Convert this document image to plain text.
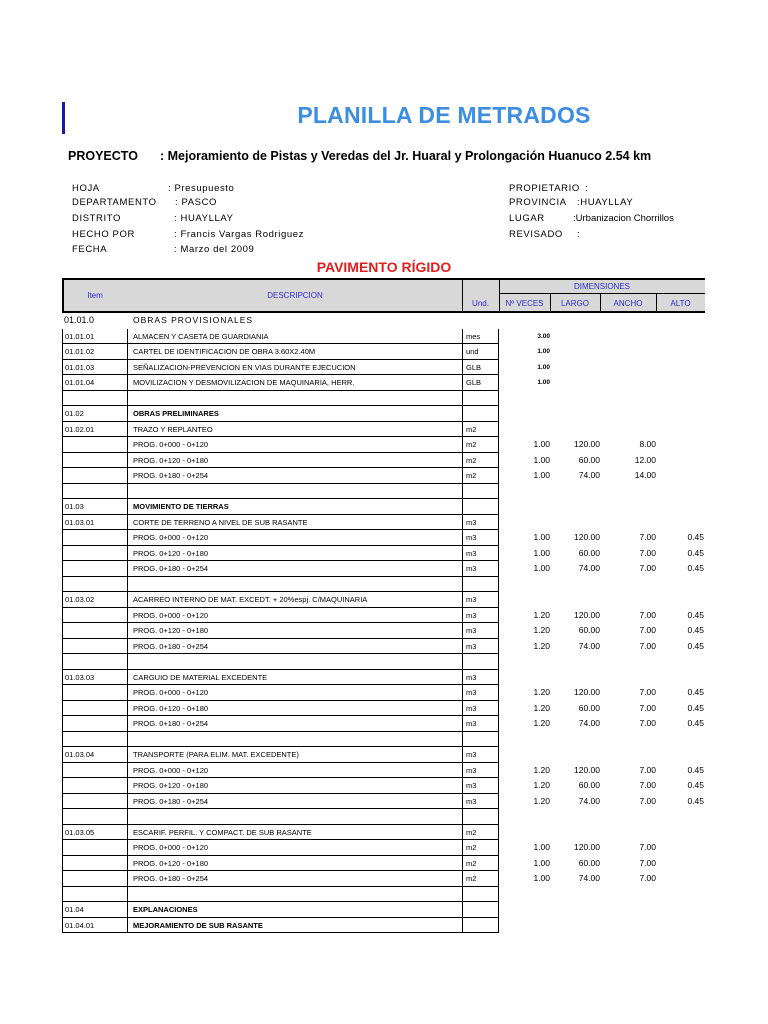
PLANILLA DE METRADOS
PROYECTO : Mejoramiento de Pistas y Veredas del Jr. Huaral y Prolongación Huanuco 2.54 km
HOJA	: Presupuesto
DEPARTAMENTO : PASCO
DISTRITO	: HUAYLLAY
HECHO POR	: Francis Vargas Rodriguez
FECHA	: Marzo del 2009
PROPIETARIO :
PROVINCIA :HUAYLLAY
LUGAR	:Urbanizacion Chorrillos
REVISADO :
PAVIMENTO RÍGIDO
Item	DESCRIPCION
Und.
DIMENSIONES
Nº VECES	LARGO	ANCHO	ALTO
01.01.0	OBRAS PROVISIONALES
01.01.01	ALMACEN Y CASETA DE GUARDIANIA	mes	3.00
01.01.02	CARTEL DE IDENTIFICACION DE OBRA 3.60X2.40M	und	1.00
01.01.03	SEÑALIZACION-PREVENCION EN VIAS DURANTE EJECUCION	GLB	1.00
01.01.04	MOVILIZACION Y DESMOVILIZACION DE MAQUINARIA, HERR.	GLB	1.00
01.02	OBRAS PRELIMINARES
01.02.01	TRAZO Y REPLANTEO	m2
PROG. 0+000 - 0+120	m2	1.00	120.00	8.00
PROG. 0+120 - 0+180	m2	1.00	60.00	12.00
PROG. 0+180 - 0+254	m2	1.00	74.00	14.00
01.03	MOVIMIENTO DE TIERRAS
01.03.01	CORTE DE TERRENO A NIVEL DE SUB RASANTE	m3
PROG. 0+000 - 0+120	m3	1.00	120.00	7.00	0.45
PROG. 0+120 - 0+180	m3	1.00	60.00	7.00	0.45
PROG. 0+180 - 0+254	m3	1.00	74.00	7.00	0.45
01.03.02	ACARREO INTERNO DE MAT. EXCEDT. + 20%espj. C/MAQUINARIA	m3
PROG. 0+000 - 0+120	m3	1.20	120.00	7.00	0.45
PROG. 0+120 - 0+180	m3	1.20	60.00	7.00	0.45
PROG. 0+180 - 0+254	m3	1.20	74.00	7.00	0.45
01.03.03	CARGUIO DE MATERIAL EXCEDENTE	m3
PROG. 0+000 - 0+120	m3	1.20	120.00	7.00	0.45
PROG. 0+120 - 0+180	m3	1.20	60.00	7.00	0.45
PROG. 0+180 - 0+254	m3	1.20	74.00	7.00	0.45
01.03.04	TRANSPORTE (PARA ELIM. MAT. EXCEDENTE)	m3
PROG. 0+000 - 0+120	m3	1.20	120.00	7.00	0.45
PROG. 0+120 - 0+180	m3	1.20	60.00	7.00	0.45
PROG. 0+180 - 0+254	m3	1.20	74.00	7.00	0.45
01.03.05	ESCARIF. PERFIL. Y COMPACT. DE SUB RASANTE	m2
PROG. 0+000 - 0+120	m2	1.00	120.00	7.00
PROG. 0+120 - 0+180	m2	1.00	60.00	7.00
PROG. 0+180 - 0+254	m2	1.00	74.00	7.00
01.04	EXPLANACIONES
01.04.01	MEJORAMIENTO DE SUB RASANTE
